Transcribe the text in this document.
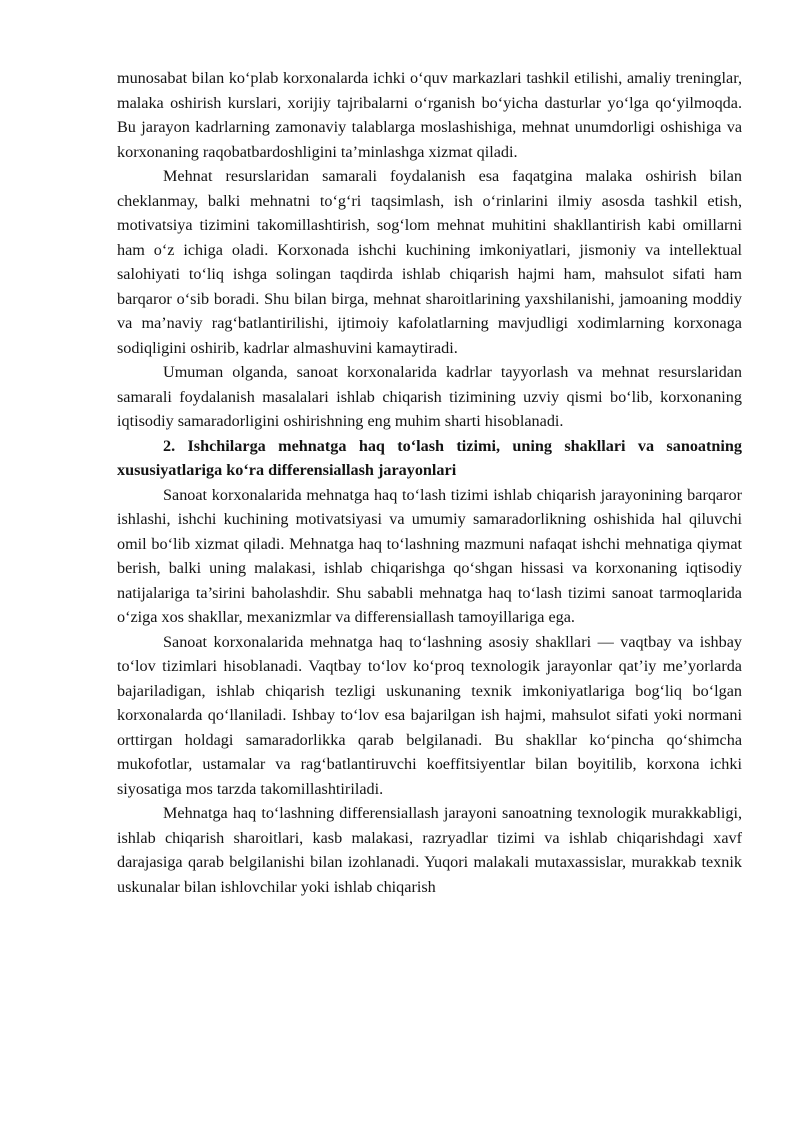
munosabat bilan ko‘plab korxonalarda ichki o‘quv markazlari tashkil etilishi, amaliy treninglar, malaka oshirish kurslari, xorijiy tajribalarni o‘rganish bo‘yicha dasturlar yo‘lga qo‘yilmoqda. Bu jarayon kadrlarning zamonaviy talablarga moslashishiga, mehnat unumdorligi oshishiga va korxonaning raqobatbardoshligini ta’minlashga xizmat qiladi.

Mehnat resurslaridan samarali foydalanish esa faqatgina malaka oshirish bilan cheklanmay, balki mehnatni to‘g‘ri taqsimlash, ish o‘rinlarini ilmiy asosda tashkil etish, motivatsiya tizimini takomillashtirish, sog‘lom mehnat muhitini shakllantirish kabi omillarni ham o‘z ichiga oladi. Korxonada ishchi kuchining imkoniyatlari, jismoniy va intellektual salohiyati to‘liq ishga solingan taqdirda ishlab chiqarish hajmi ham, mahsulot sifati ham barqaror o‘sib boradi. Shu bilan birga, mehnat sharoitlarining yaxshilanishi, jamoaning moddiy va ma’naviy rag‘batlantirilishi, ijtimoiy kafolatlarning mavjudligi xodimlarning korxonaga sodiqligini oshirib, kadrlar almashuvini kamaytiradi.

Umuman olganda, sanoat korxonalarida kadrlar tayyorlash va mehnat resurslaridan samarali foydalanish masalalari ishlab chiqarish tizimining uzviy qismi bo‘lib, korxonaning iqtisodiy samaradorligini oshirishning eng muhim sharti hisoblanadi.

2. Ishchilarga mehnatga haq to‘lash tizimi, uning shakllari va sanoatning xususiyatlariga ko‘ra differensiallash jarayonlari

Sanoat korxonalarida mehnatga haq to‘lash tizimi ishlab chiqarish jarayonining barqaror ishlashi, ishchi kuchining motivatsiyasi va umumiy samaradorlikning oshishida hal qiluvchi omil bo‘lib xizmat qiladi. Mehnatga haq to‘lashning mazmuni nafaqat ishchi mehnatiga qiymat berish, balki uning malakasi, ishlab chiqarishga qo‘shgan hissasi va korxonaning iqtisodiy natijalariga ta’sirini baholashdir. Shu sababli mehnatga haq to‘lash tizimi sanoat tarmoqlarida o‘ziga xos shakllar, mexanizmlar va differensiallash tamoyillariga ega.

Sanoat korxonalarida mehnatga haq to‘lashning asosiy shakllari — vaqtbay va ishbay to‘lov tizimlari hisoblanadi. Vaqtbay to‘lov ko‘proq texnologik jarayonlar qat’iy me’yorlarda bajariladigan, ishlab chiqarish tezligi uskunaning texnik imkoniyatlariga bog‘liq bo‘lgan korxonalarda qo‘llaniladi. Ishbay to‘lov esa bajarilgan ish hajmi, mahsulot sifati yoki normani orttirgan holdagi samaradorlikka qarab belgilanadi. Bu shakllar ko‘pincha qo‘shimcha mukofotlar, ustamalar va rag‘batlantiruvchi koeffitsiyentlar bilan boyitilib, korxona ichki siyosatiga mos tarzda takomillashtiriladi.

Mehnatga haq to‘lashning differensiallash jarayoni sanoatning texnologik murakkabligi, ishlab chiqarish sharoitlari, kasb malakasi, razryadlar tizimi va ishlab chiqarishdagi xavf darajasiga qarab belgilanishi bilan izohlanadi. Yuqori malakali mutaxassislar, murakkab texnik uskunalar bilan ishlovchilar yoki ishlab chiqarish
